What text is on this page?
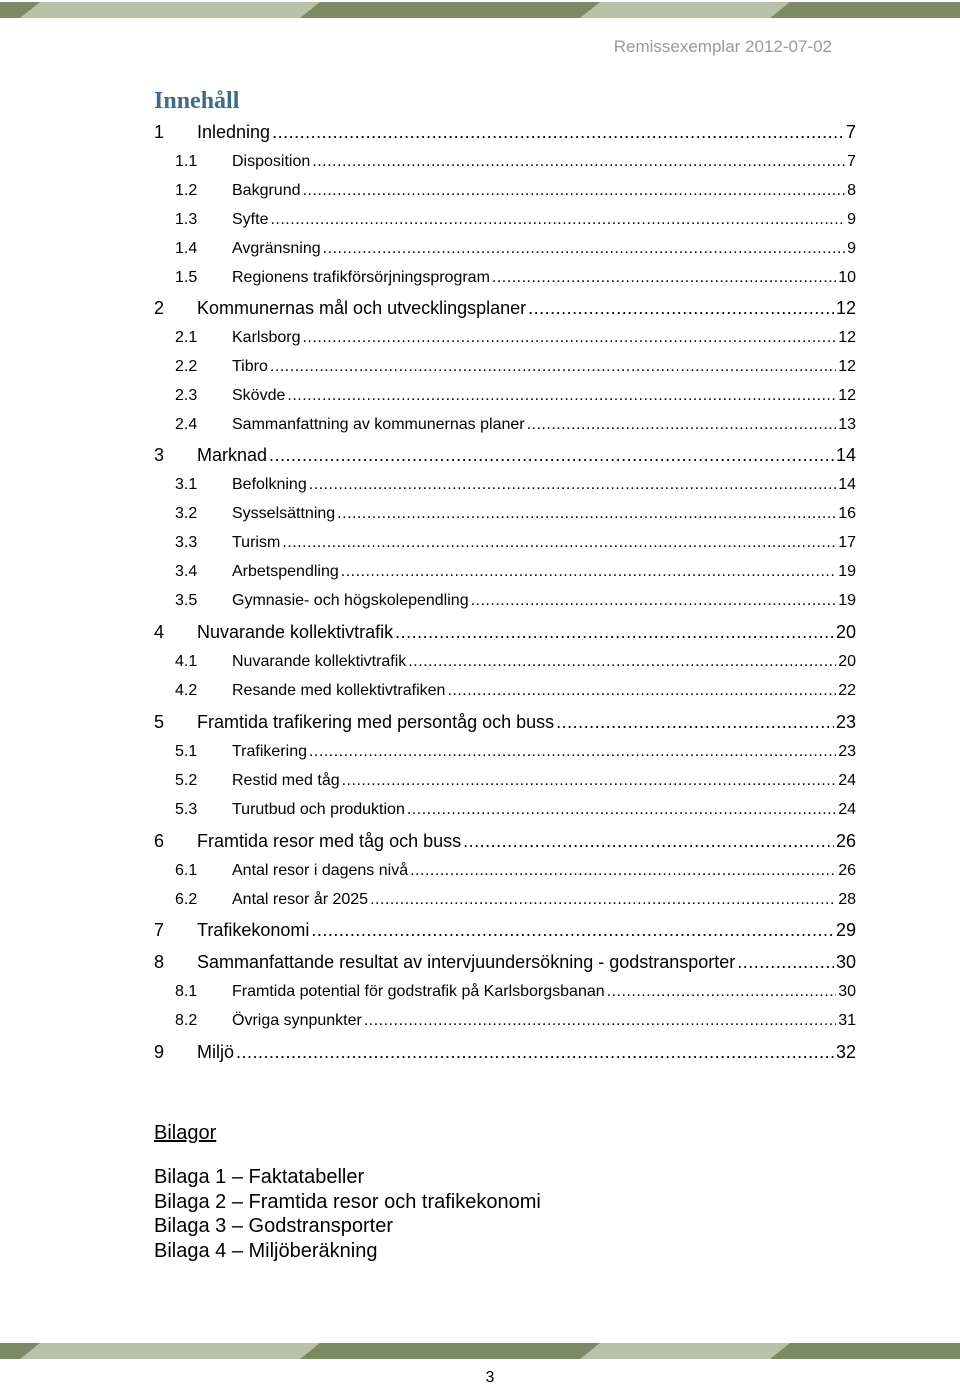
Remissexemplar 2012-07-02
Innehåll
1	Inledning .....	7
1.1	Disposition .....	7
1.2	Bakgrund .....	8
1.3	Syfte .....	9
1.4	Avgränsning .....	9
1.5	Regionens trafikförsörjningsprogram .....	10
2	Kommunernas mål och utvecklingsplaner .....	12
2.1	Karlsborg .....	12
2.2	Tibro .....	12
2.3	Skövde .....	12
2.4	Sammanfattning av kommunernas planer .....	13
3	Marknad .....	14
3.1	Befolkning .....	14
3.2	Sysselsättning .....	16
3.3	Turism .....	17
3.4	Arbetspendling .....	19
3.5	Gymnasie- och högskolependling .....	19
4	Nuvarande kollektivtrafik .....	20
4.1	Nuvarande kollektivtrafik .....	20
4.2	Resande med kollektivtrafiken .....	22
5	Framtida trafikering med persontåg och buss .....	23
5.1	Trafikering .....	23
5.2	Restid med tåg .....	24
5.3	Turutbud och produktion .....	24
6	Framtida resor med tåg och buss .....	26
6.1	Antal resor i dagens nivå .....	26
6.2	Antal resor år 2025 .....	28
7	Trafikekonomi .....	29
8	Sammanfattande resultat av intervjuundersökning - godstransporter .....	30
8.1	Framtida potential för godstrafik på Karlsborgsbanan .....	30
8.2	Övriga synpunkter .....	31
9	Miljö .....	32
Bilagor
Bilaga 1 – Faktatabeller
Bilaga 2 – Framtida resor och trafikekonomi
Bilaga 3 – Godstransporter
Bilaga 4 – Miljöberäkning
3
